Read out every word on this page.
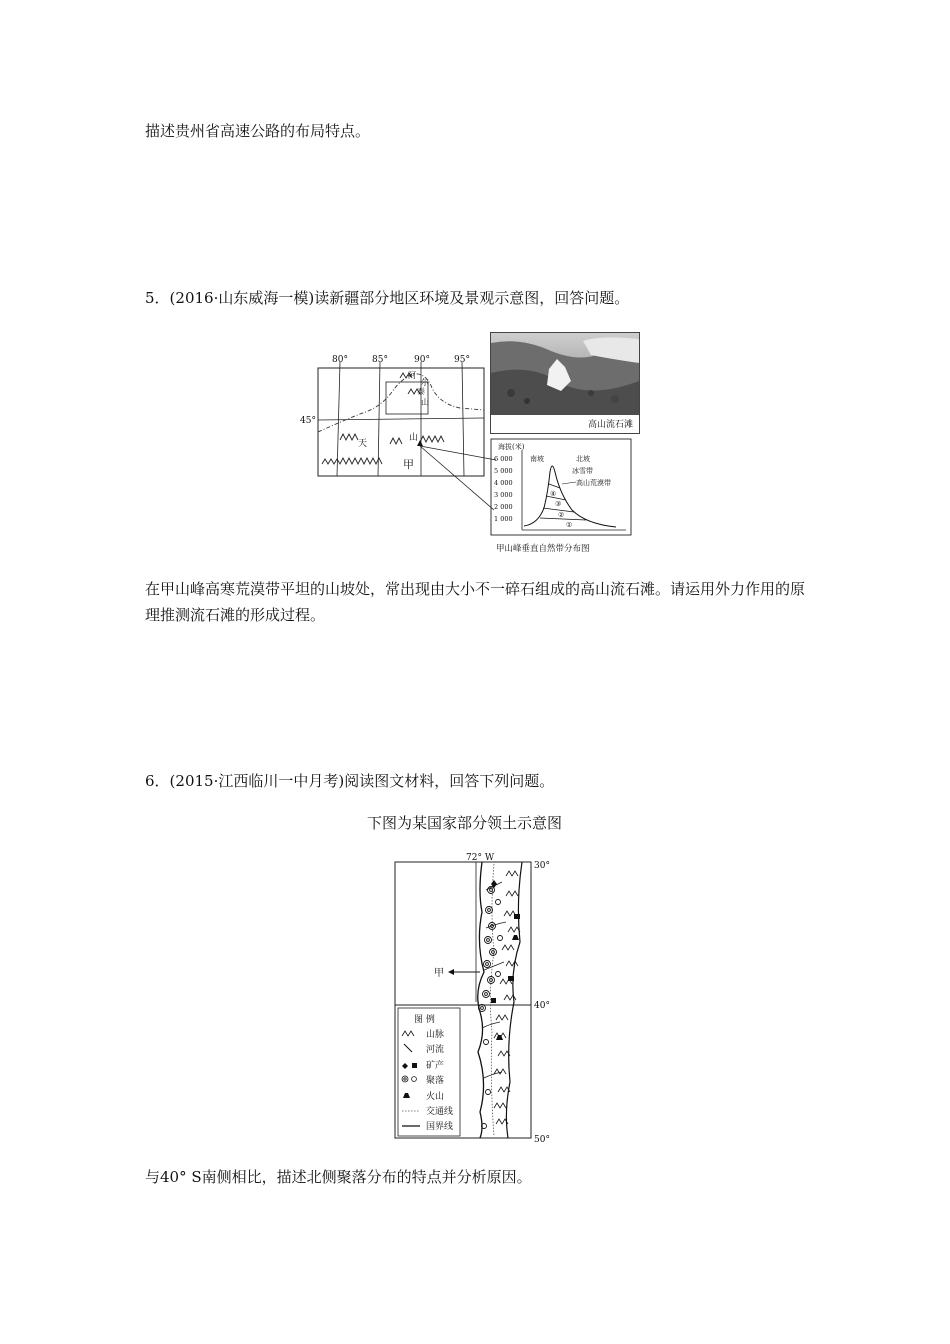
描述贵州省高速公路的布局特点。
5．(2016·山东威海一模)读新疆部分地区环境及景观示意图，回答问题。
80°	85°	90°	95°
45°
阿
尔
泰
山
天
山
甲
高山流石滩
海拔(米)
6 000
5 000
4 000
3 000
2 000
1 000
南坡	北坡
冰雪带
高山荒漠带
④
③
②
①
甲山峰垂直自然带分布图
在甲山峰高寒荒漠带平坦的山坡处，常出现由大小不一碎石组成的高山流石滩。请运用外力作用的原理推测流石滩的形成过程。
6．(2015·江西临川一中月考)阅读图文材料，回答下列问题。
下图为某国家部分领土示意图
甲
72° W
30°
40°
50°
图 例
山脉
河流
矿产
聚落
火山
交通线
国界线
与40° S南侧相比，描述北侧聚落分布的特点并分析原因。
